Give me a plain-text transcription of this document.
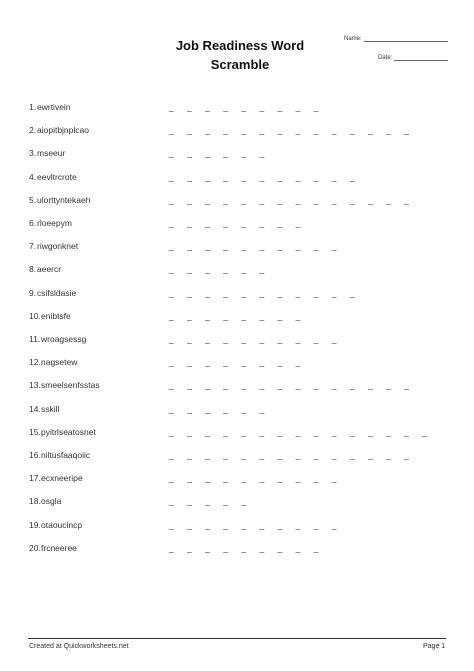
Job Readiness Word
Scramble
Name:
Date:
1. ewrtivein	_ _ _ _ _ _ _ _ _
2. aiopitbjnplcao	_ _ _ _ _ _ _ _ _ _ _ _ _ _
3. mseeur	_ _ _ _ _ _
4. eevltrcrote	_ _ _ _ _ _ _ _ _ _ _
5. ulorttyntekaeh	_ _ _ _ _ _ _ _ _ _ _ _ _ _
6. rloeepym	_ _ _ _ _ _ _ _
7. riwgonknet	_ _ _ _ _ _ _ _ _ _
8. aeercr	_ _ _ _ _ _
9. csifsldasie	_ _ _ _ _ _ _ _ _ _ _
10. enibtsfe	_ _ _ _ _ _ _ _
11. wroagsessg	_ _ _ _ _ _ _ _ _ _
12. nagsetew	_ _ _ _ _ _ _ _
13. smeelsenfsstas	_ _ _ _ _ _ _ _ _ _ _ _ _ _
14. sskill	_ _ _ _ _ _
15. pyitrlseatosnet	_ _ _ _ _ _ _ _ _ _ _ _ _ _ _
16. niltusfaaqoiic	_ _ _ _ _ _ _ _ _ _ _ _ _ _
17. ecxneeripe	_ _ _ _ _ _ _ _ _ _
18. osgla	_ _ _ _ _
19. otaoucincp	_ _ _ _ _ _ _ _ _ _
20. frcneeree	_ _ _ _ _ _ _ _ _
Created at Quickworksheets.net	Page 1
